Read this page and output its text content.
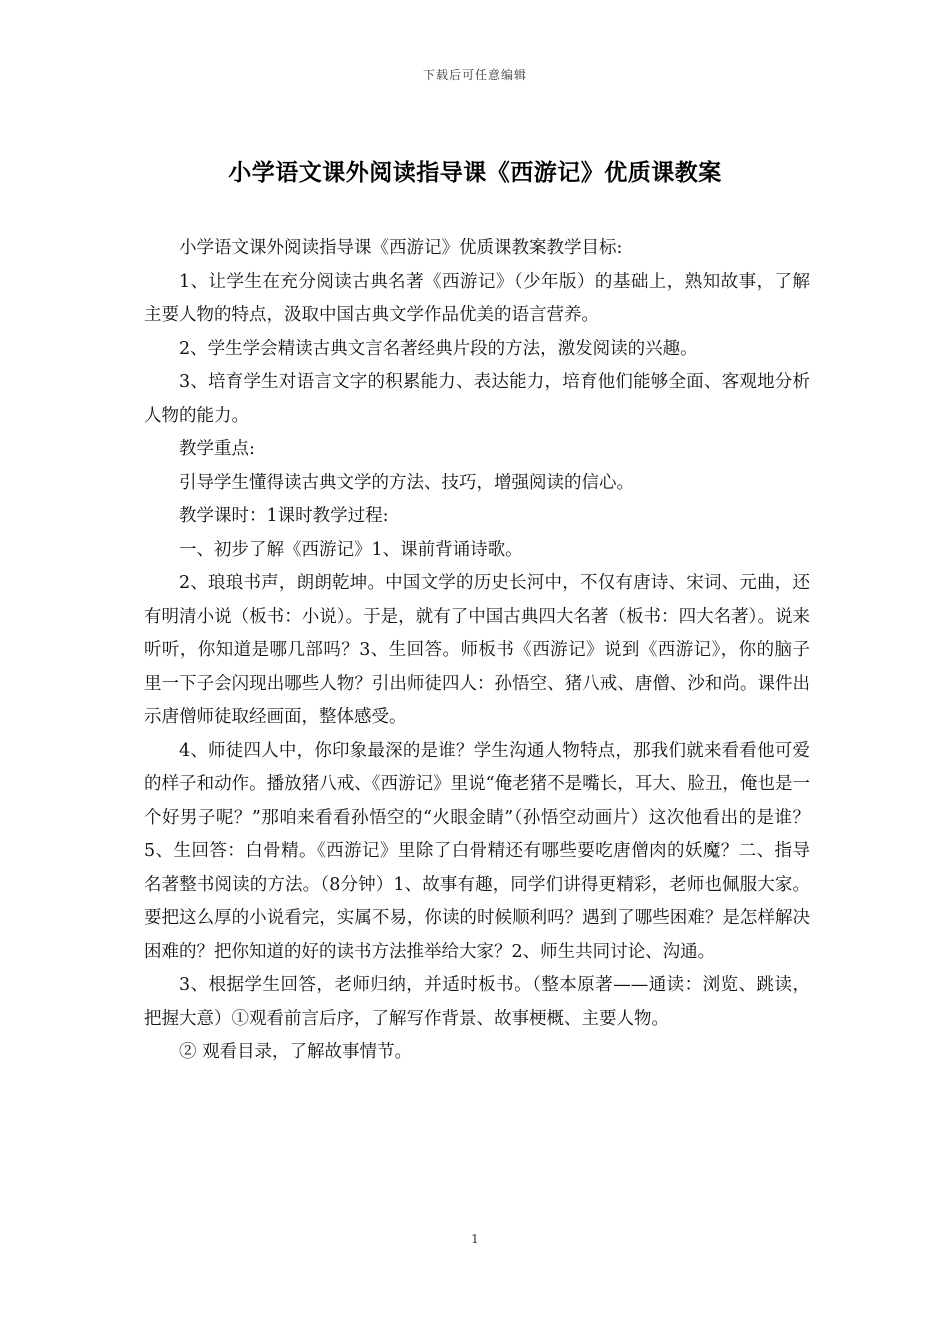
下载后可任意编辑
小学语文课外阅读指导课《西游记》优质课教案

小学语文课外阅读指导课《西游记》优质课教案教学目标:

1、让学生在充分阅读古典名著《西游记》（少年版）的基础上，熟知故事，了解主要人物的特点，汲取中国古典文学作品优美的语言营养。

2、学生学会精读古典文言名著经典片段的方法，激发阅读的兴趣。

3、培育学生对语言文字的积累能力、表达能力，培育他们能够全面、客观地分析人物的能力。

教学重点:

引导学生懂得读古典文学的方法、技巧，增强阅读的信心。

教学课时：1课时教学过程:

一、初步了解《西游记》1、课前背诵诗歌。

2、琅琅书声，朗朗乾坤。中国文学的历史长河中，不仅有唐诗、宋词、元曲，还有明清小说（板书：小说）。于是，就有了中国古典四大名著（板书：四大名著）。说来听听，你知道是哪几部吗？3、生回答。师板书《西游记》说到《西游记》，你的脑子里一下子会闪现出哪些人物？引出师徒四人：孙悟空、猪八戒、唐僧、沙和尚。课件出示唐僧师徒取经画面，整体感受。

4、师徒四人中，你印象最深的是谁？学生沟通人物特点，那我们就来看看他可爱的样子和动作。播放猪八戒、《西游记》里说“俺老猪不是嘴长，耳大、脸丑，俺也是一个好男子呢？”那咱来看看孙悟空的“火眼金睛”（孙悟空动画片）这次他看出的是谁？5、生回答：白骨精。《西游记》里除了白骨精还有哪些要吃唐僧肉的妖魔？二、指导名著整书阅读的方法。（8分钟）1、故事有趣，同学们讲得更精彩，老师也佩服大家。要把这么厚的小说看完，实属不易，你读的时候顺利吗？遇到了哪些困难？是怎样解决困难的？把你知道的好的读书方法推举给大家？2、师生共同讨论、沟通。

3、根据学生回答，老师归纳，并适时板书。（整本原著——通读：浏览、跳读，把握大意）①观看前言后序，了解写作背景、故事梗概、主要人物。

② 观看目录，了解故事情节。

1
